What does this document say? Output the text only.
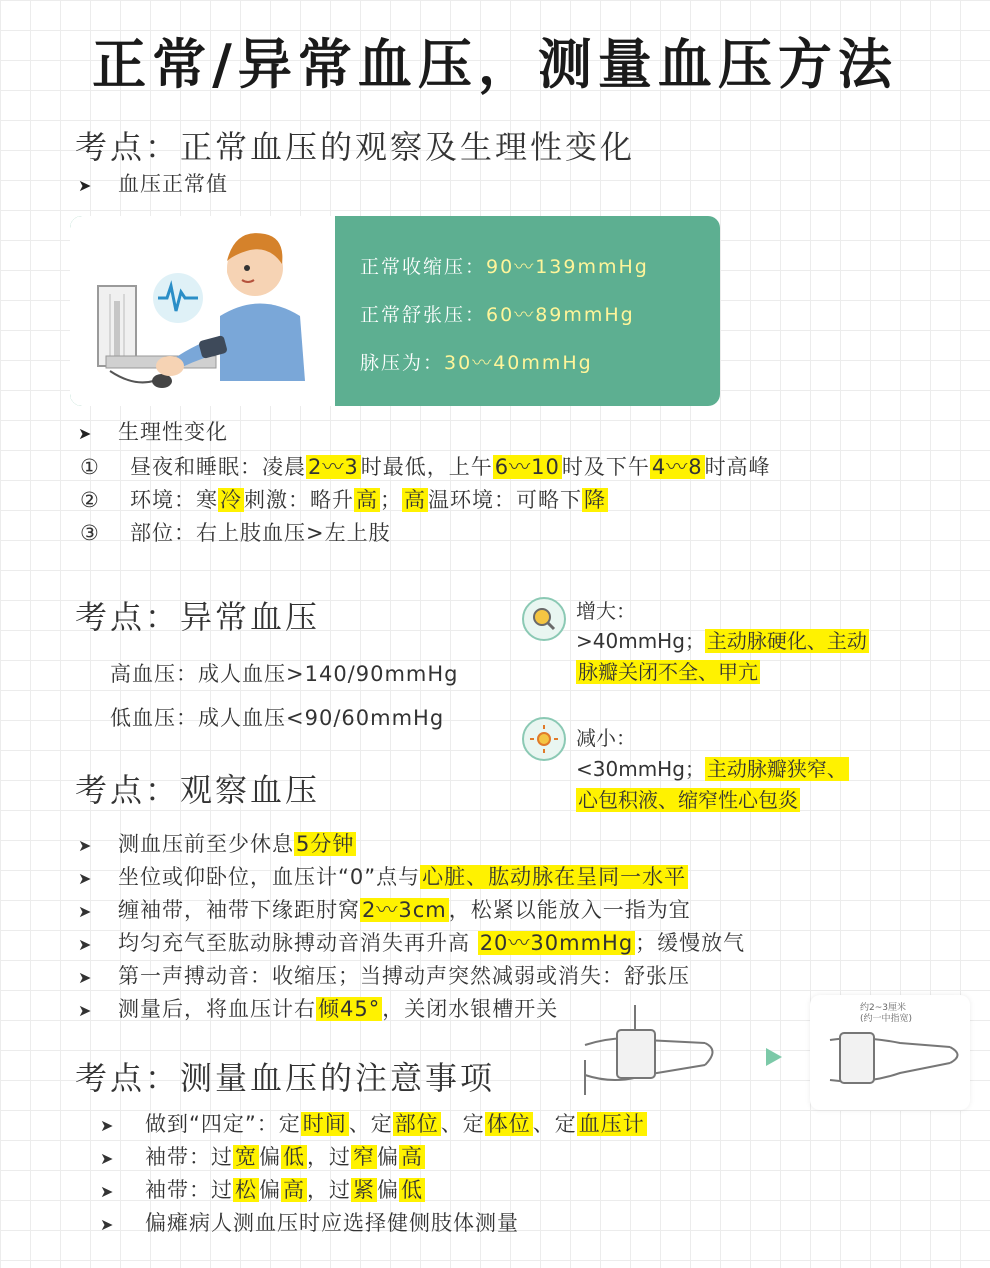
正常/异常血压，测量血压方法
考点：正常血压的观察及生理性变化
➤ 血压正常值
正常收缩压：90〰139mmHg
正常舒张压：60〰89mmHg
脉压为：30〰40mmHg
➤ 生理性变化
① 昼夜和睡眠：凌晨2〰3时最低，上午6〰10时及下午4〰8时高峰
② 环境：寒冷刺激：略升高；高温环境：可略下降
③ 部位：右上肢血压>左上肢
考点：异常血压
高血压：成人血压>140/90mmHg
低血压：成人血压<90/60mmHg
增大：
>40mmHg； 主动脉硬化、主动
脉瓣关闭不全、甲亢
减小：
<30mmHg； 主动脉瓣狭窄、
心包积液、缩窄性心包炎
考点：观察血压
➤ 测血压前至少休息5分钟
➤ 坐位或仰卧位，血压计“0”点与心脏、肱动脉在呈同一水平
➤ 缠袖带，袖带下缘距肘窝2〰3cm，松紧以能放入一指为宜
➤ 均匀充气至肱动脉搏动音消失再升高 20〰30mmHg；缓慢放气
➤ 第一声搏动音：收缩压；当搏动声突然减弱或消失：舒张压
➤ 测量后，将血压计右倾45°，关闭水银槽开关	约2~3厘米
(约一中指宽)
考点：测量血压的注意事项
➤ 做到“四定”：定时间、定部位、定体位、定血压计
➤ 袖带：过宽偏低，过窄偏高
➤ 袖带：过松偏高，过紧偏低
➤ 偏瘫病人测血压时应选择健侧肢体测量
